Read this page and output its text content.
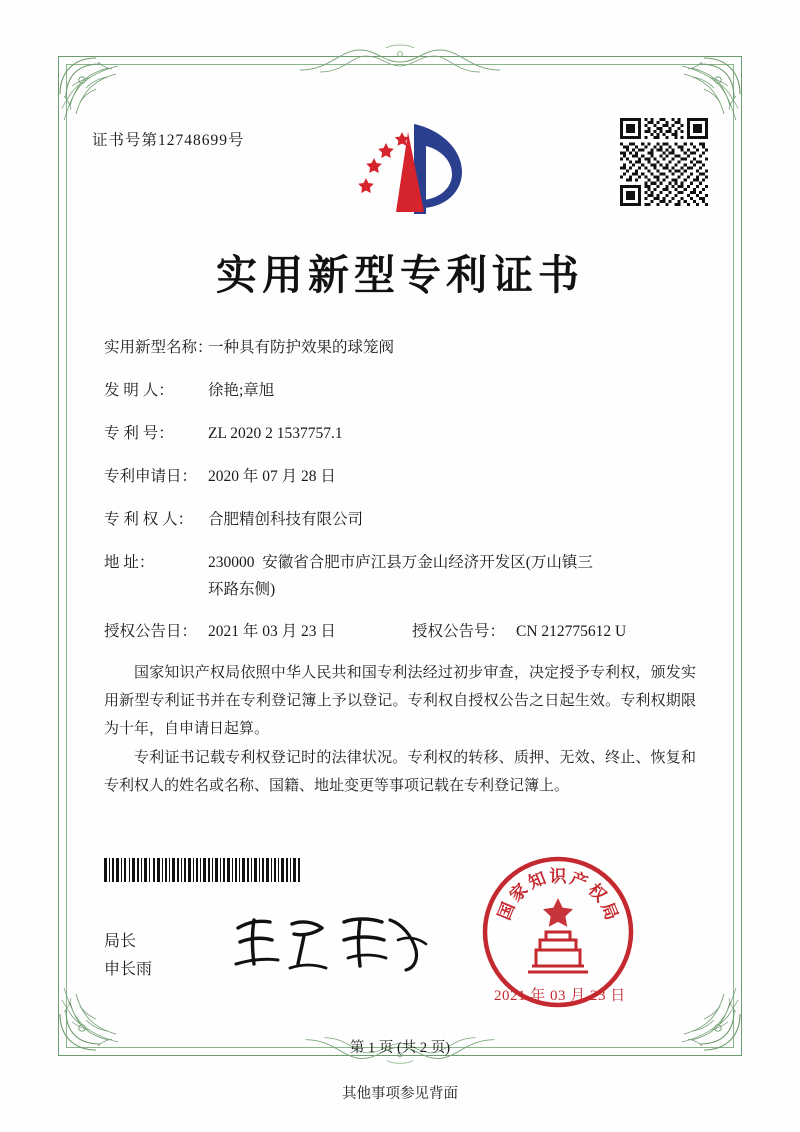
证书号第12748699号
实用新型专利证书
实用新型名称：
一种具有防护效果的球笼阀
发 明 人：	徐艳;章旭
专 利 号：	ZL 2020 2 1537757.1
专利申请日： 2020 年 07 月 28 日
专 利 权 人： 合肥精创科技有限公司
地 址：	230000  安徽省合肥市庐江县万金山经济开发区(万山镇三
环路东侧)
授权公告日： 2021 年 03 月 23 日	授权公告号： CN 212775612 U

国家知识产权局依照中华人民共和国专利法经过初步审查，决定授予专利权，颁发实用新型专利证书并在专利登记簿上予以登记。专利权自授权公告之日起生效。专利权期限为十年，自申请日起算。

专利证书记载专利权登记时的法律状况。专利权的转移、质押、无效、终止、恢复和专利权人的姓名或名称、国籍、地址变更等事项记载在专利登记簿上。

局长
申长雨
国
家
知 识 产
权
局
2021 年 03 月 23 日
第 1 页 (共 2 页)
其他事项参见背面
